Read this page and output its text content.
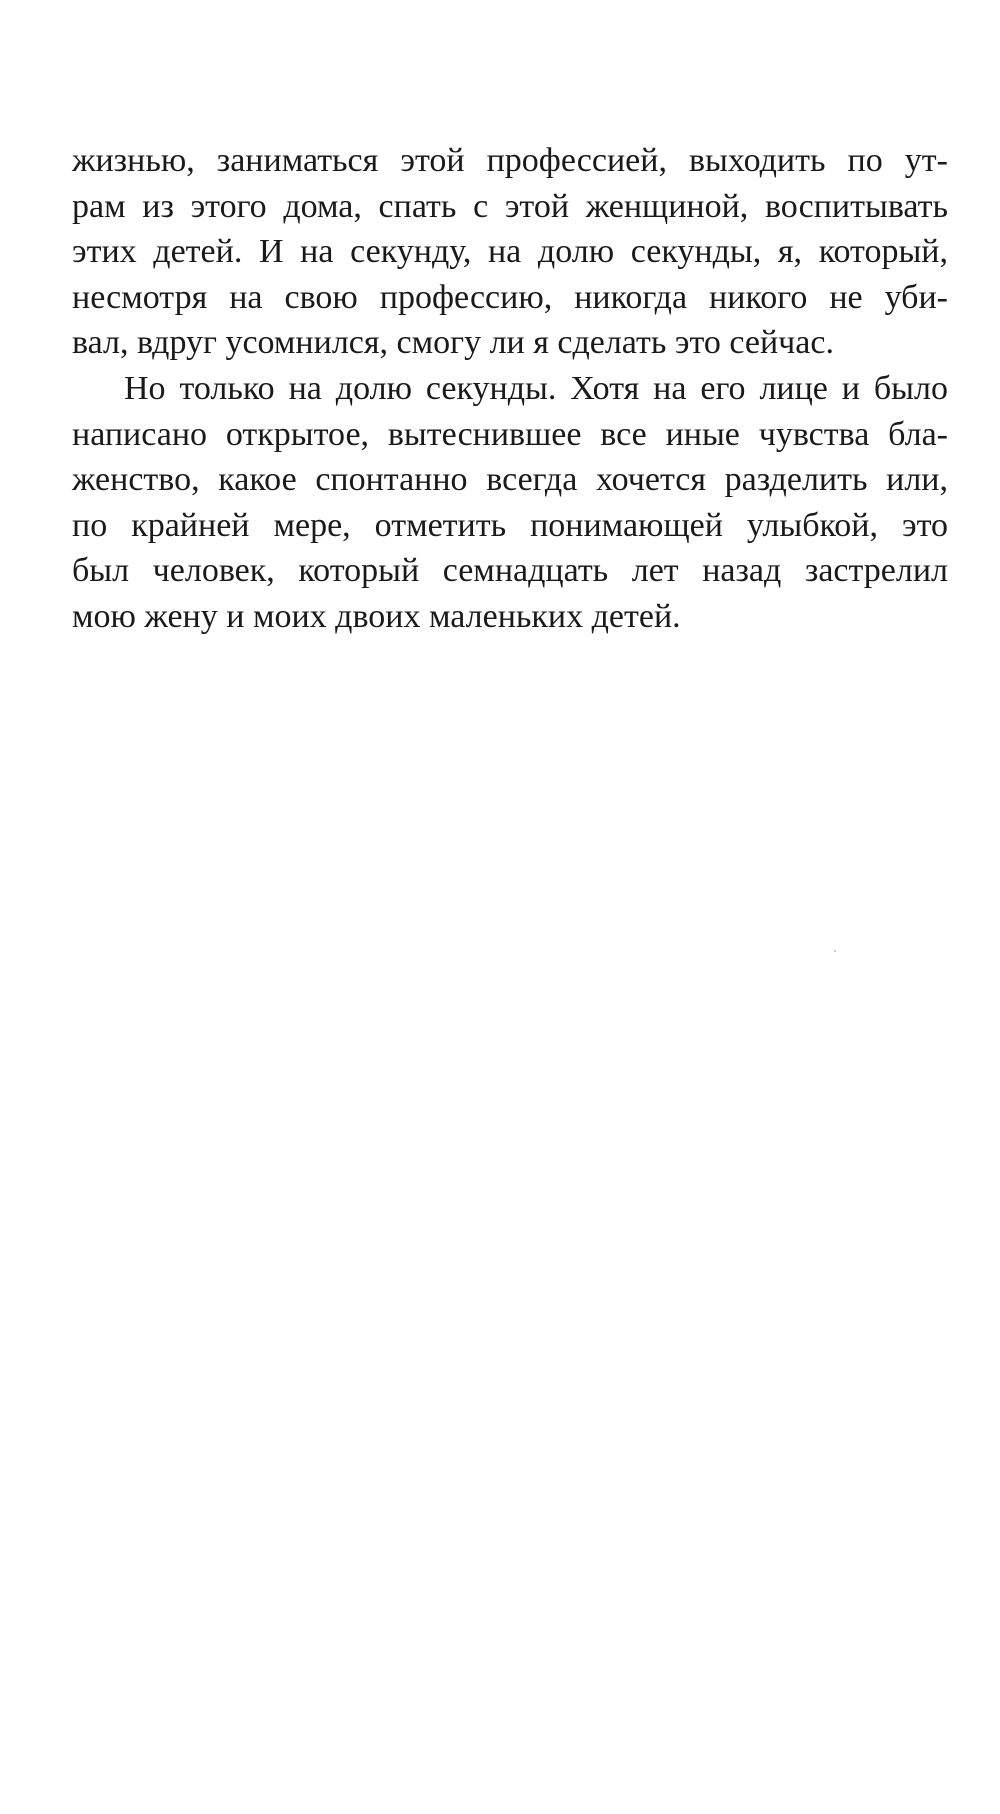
жизнью, заниматься этой профессией, выходить по ут-
рам из этого дома, спать с этой женщиной, воспитывать
этих детей. И на секунду, на долю секунды, я, который,
несмотря на свою профессию, никогда никого не уби-
вал, вдруг усомнился, смогу ли я сделать это сейчас.
Но только на долю секунды. Хотя на его лице и было
написано открытое, вытеснившее все иные чувства бла-
женство, какое спонтанно всегда хочется разделить или,
по крайней мере, отметить понимающей улыбкой, это
был человек, который семнадцать лет назад застрелил
мою жену и моих двоих маленьких детей.
